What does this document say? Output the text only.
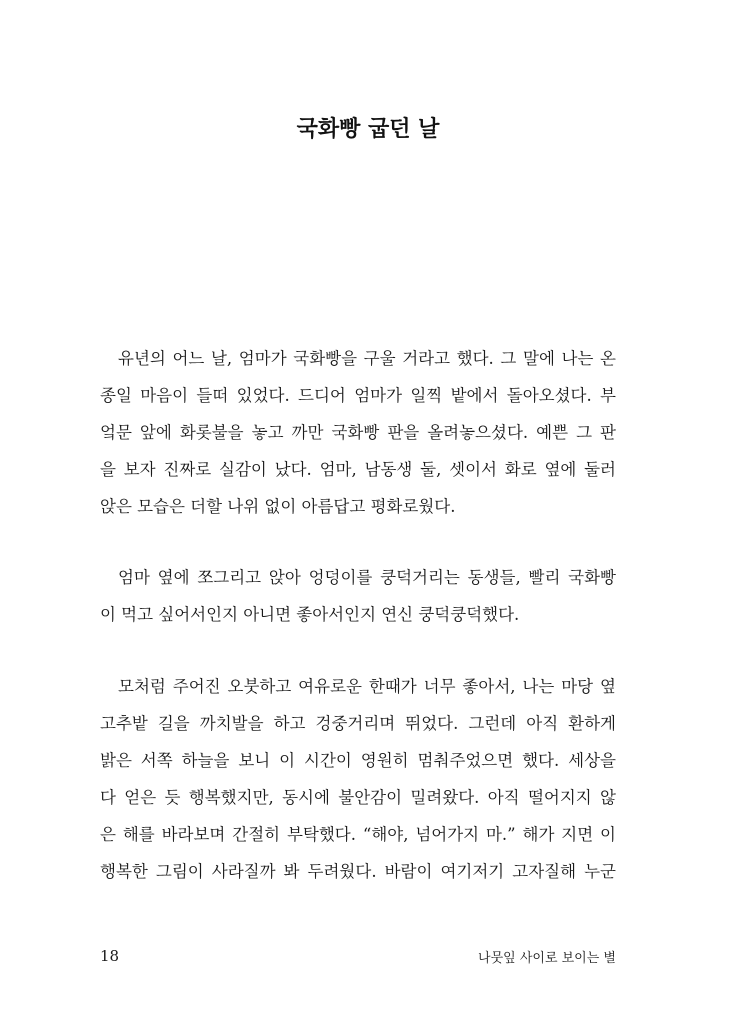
국화빵 굽던 날
유년의 어느 날, 엄마가 국화빵을 구울 거라고 했다. 그 말에 나는 온
종일 마음이 들떠 있었다. 드디어 엄마가 일찍 밭에서 돌아오셨다. 부
엌문 앞에 화롯불을 놓고 까만 국화빵 판을 올려놓으셨다. 예쁜 그 판
을 보자 진짜로 실감이 났다. 엄마, 남동생 둘, 셋이서 화로 옆에 둘러
앉은 모습은 더할 나위 없이 아름답고 평화로웠다.
엄마 옆에 쪼그리고 앉아 엉덩이를 쿵덕거리는 동생들, 빨리 국화빵
이 먹고 싶어서인지 아니면 좋아서인지 연신 쿵덕쿵덕했다.
모처럼 주어진 오붓하고 여유로운 한때가 너무 좋아서, 나는 마당 옆
고추밭 길을 까치발을 하고 겅중거리며 뛰었다. 그런데 아직 환하게
밝은 서쪽 하늘을 보니 이 시간이 영원히 멈춰주었으면 했다. 세상을
다 얻은 듯 행복했지만, 동시에 불안감이 밀려왔다. 아직 떨어지지 않
은 해를 바라보며 간절히 부탁했다. “해야, 넘어가지 마.” 해가 지면 이
행복한 그림이 사라질까 봐 두려웠다. 바람이 여기저기 고자질해 누군
18	나뭇잎 사이로 보이는 별
